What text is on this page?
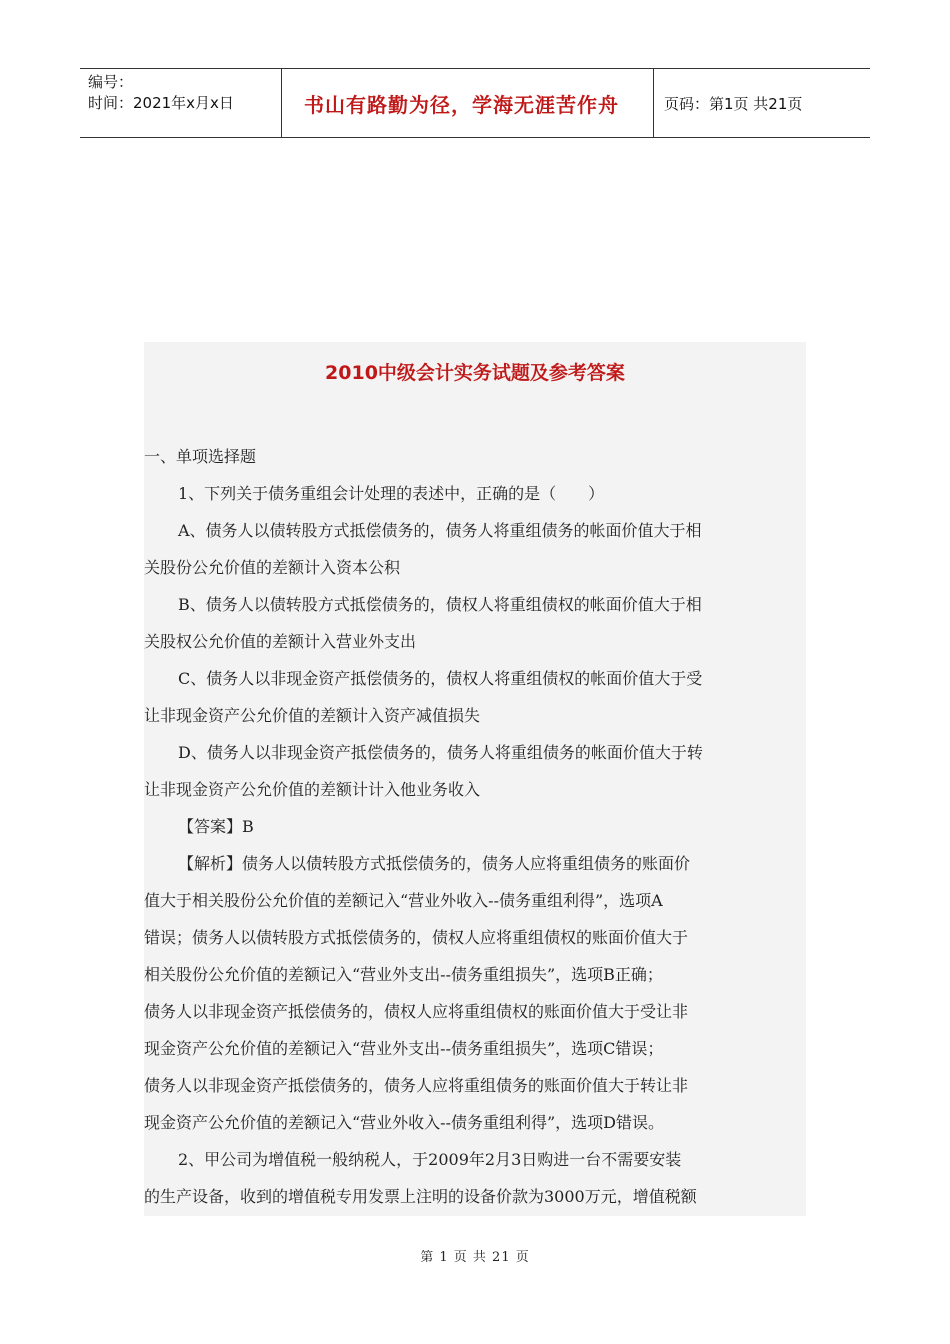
编号：
时间：2021年x月x日	书山有路勤为径，学海无涯苦作舟	页码：第1页 共21页
2010中级会计实务试题及参考答案
一、单项选择题
1、下列关于债务重组会计处理的表述中，正确的是（　　）
A、债务人以债转股方式抵偿债务的，债务人将重组债务的帐面价值大于相
关股份公允价值的差额计入资本公积
B、债务人以债转股方式抵偿债务的，债权人将重组债权的帐面价值大于相
关股权公允价值的差额计入营业外支出
C、债务人以非现金资产抵偿债务的，债权人将重组债权的帐面价值大于受
让非现金资产公允价值的差额计入资产减值损失
D、债务人以非现金资产抵偿债务的，债务人将重组债务的帐面价值大于转
让非现金资产公允价值的差额计计入他业务收入
【答案】B
【解析】债务人以债转股方式抵偿债务的，债务人应将重组债务的账面价
值大于相关股份公允价值的差额记入“营业外收入--债务重组利得”，选项A
错误；债务人以债转股方式抵偿债务的，债权人应将重组债权的账面价值大于
相关股份公允价值的差额记入“营业外支出--债务重组损失”，选项B正确；
债务人以非现金资产抵偿债务的，债权人应将重组债权的账面价值大于受让非
现金资产公允价值的差额记入“营业外支出--债务重组损失”，选项C错误；
债务人以非现金资产抵偿债务的，债务人应将重组债务的账面价值大于转让非
现金资产公允价值的差额记入“营业外收入--债务重组利得”，选项D错误。
2、甲公司为增值税一般纳税人，于2009年2月3日购进一台不需要安装
的生产设备，收到的增值税专用发票上注明的设备价款为3000万元，增值税额
第 1 页 共 21 页
